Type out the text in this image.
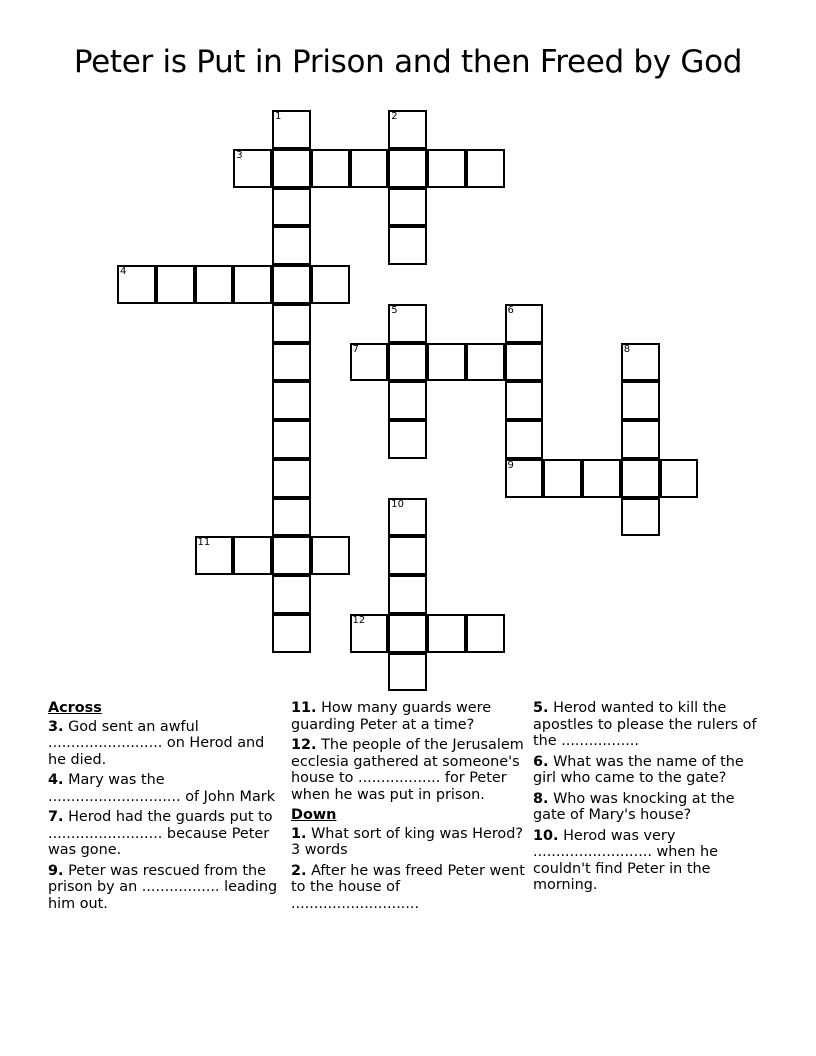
Peter is Put in Prison and then Freed by God
1	2
3
4
5	6
9
7	8
10
11
12
Across
3. God sent an awful ......................... on Herod and he died.
4. Mary was the ............................. of John Mark
7. Herod had the guards put to ......................... because Peter was gone.
9. Peter was rescued from the prison by an ................. leading him out.
11. How many guards were guarding Peter at a time?
12. The people of the Jerusalem ecclesia gathered at someone's house to .................. for Peter when he was put in prison.
Down
1. What sort of king was Herod? 3 words
2. After he was freed Peter went to the house of ............................
5. Herod wanted to kill the apostles to please the rulers of the .................
6. What was the name of the girl who came to the gate?
8. Who was knocking at the gate of Mary's house?
10. Herod was very .......................... when he couldn't find Peter in the morning.
